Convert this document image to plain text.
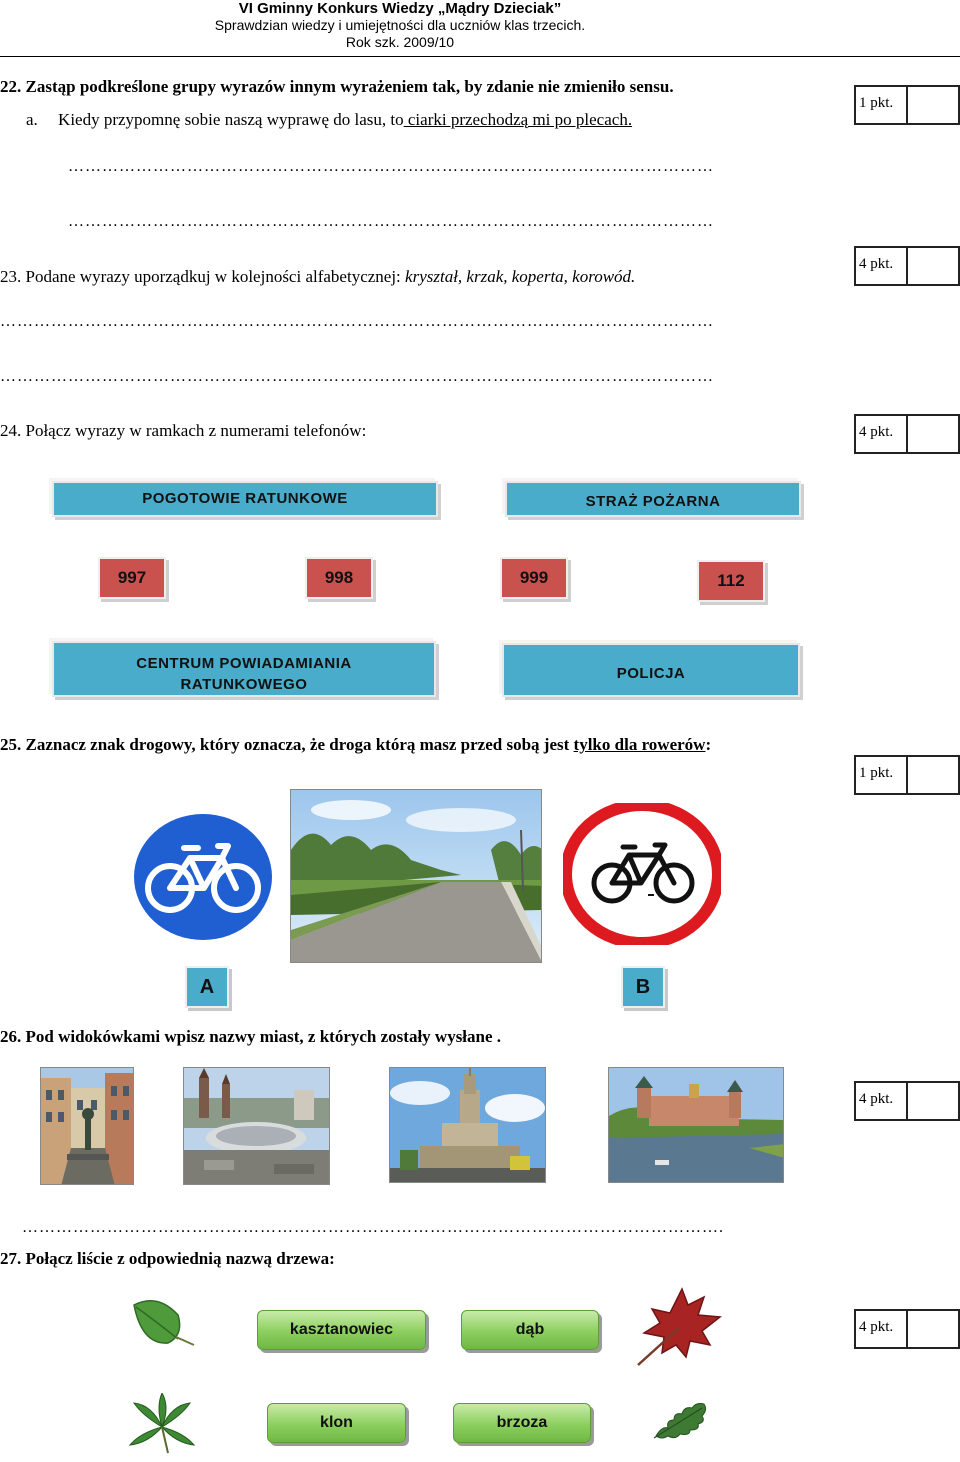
VI Gminny Konkurs Wiedzy „Mądry Dzieciak”
Sprawdzian wiedzy i umiejętności dla uczniów klas trzecich.
Rok szk. 2009/10
22. Zastąp podkreślone grupy wyrazów innym wyrażeniem tak, by zdanie nie zmieniło sensu.
a. Kiedy przypomnę sobie naszą wyprawę do lasu, to ciarki przechodzą mi po plecach.
1 pkt.
……………………………………………………………………………………………………
……………………………………………………………………………………………………
23. Podane wyrazy uporządkuj w kolejności alfabetycznej: kryształ, krzak, koperta, korowód.
4 pkt.
………………………………………………………………………………………………………………
………………………………………………………………………………………………………………
24. Połącz wyrazy w ramkach z numerami telefonów:	4 pkt.
POGOTOWIE RATUNKOWE	STRAŻ POŻARNA
997	998	999	112
CENTRUM POWIADAMIANIA
RATUNKOWEGO
POLICJA
25. Zaznacz znak drogowy, który oznacza, że droga którą masz przed sobą jest tylko dla rowerów:
1 pkt.
A	B
26. Pod widokówkami wpisz nazwy miast, z których zostały wysłane .
4 pkt.
…………………………………………………………………………………………………………….
27. Połącz liście z odpowiednią nazwą drzewa:
4 pkt.
kasztanowiec	dąb
klon	brzoza
